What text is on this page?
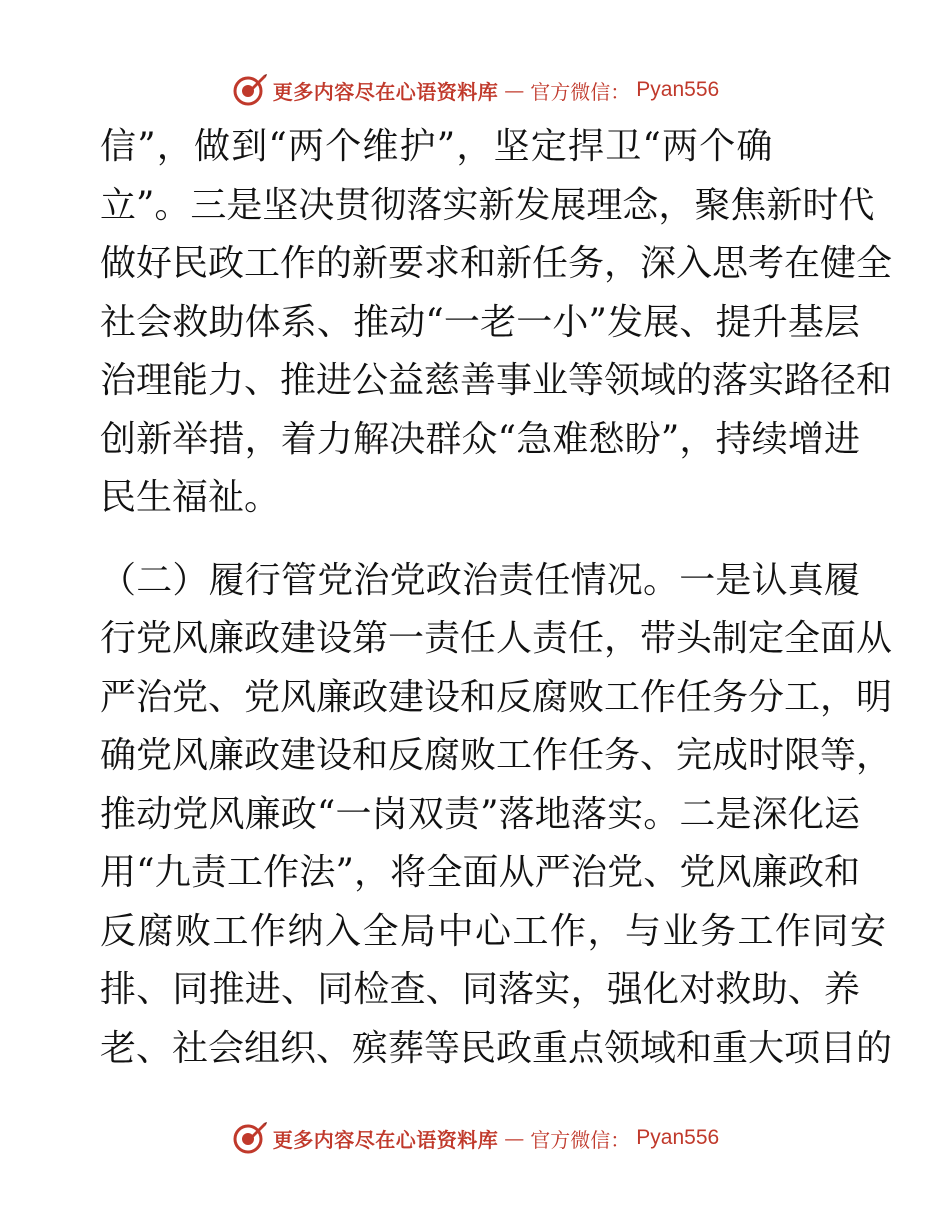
更多内容尽在心语资料库 — 官方微信： Pyan556
信”，做到“两个维护”，坚定捍卫“两个确
立”。三是坚决贯彻落实新发展理念，聚焦新时代
做好民政工作的新要求和新任务，深入思考在健全
社会救助体系、推动“一老一小”发展、提升基层
治理能力、推进公益慈善事业等领域的落实路径和
创新举措，着力解决群众“急难愁盼”，持续增进
民生福祉。
（二）履行管党治党政治责任情况。一是认真履
行党风廉政建设第一责任人责任，带头制定全面从
严治党、党风廉政建设和反腐败工作任务分工，明
确党风廉政建设和反腐败工作任务、完成时限等，
推动党风廉政“一岗双责”落地落实。二是深化运
用“九责工作法”，将全面从严治党、党风廉政和
反腐败工作纳入全局中心工作，与业务工作同安
排、同推进、同检查、同落实，强化对救助、养
老、社会组织、殡葬等民政重点领域和重大项目的
更多内容尽在心语资料库 — 官方微信： Pyan556
